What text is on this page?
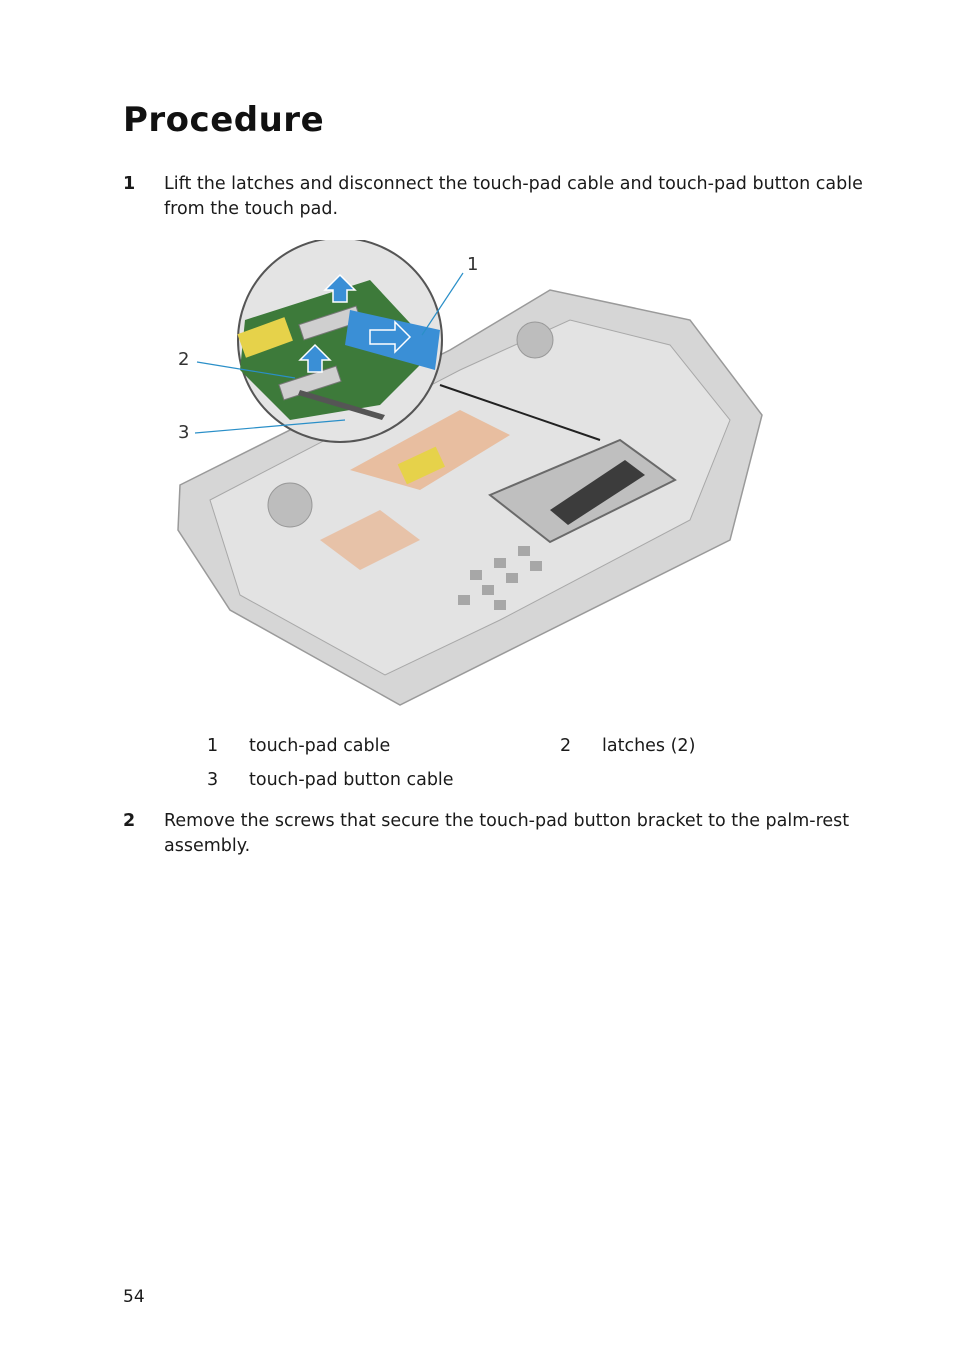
Procedure
1 Lift the latches and disconnect the touch-pad cable and touch-pad button cable from the touch pad.
1
2
3
1 touch-pad cable	2 latches (2)
3 touch-pad button cable
2 Remove the screws that secure the touch-pad button bracket to the palm-rest assembly.
54
